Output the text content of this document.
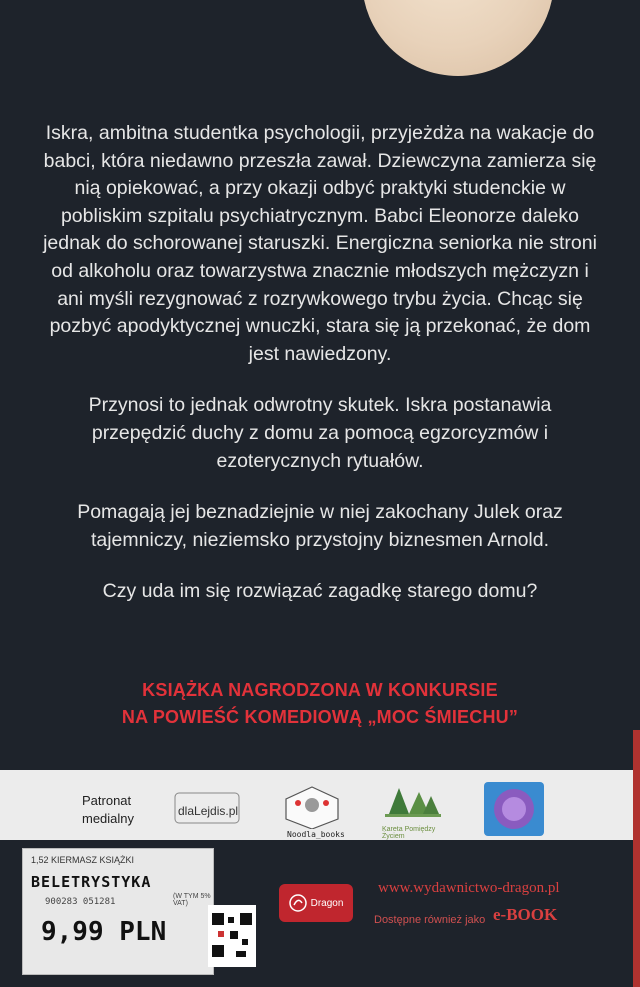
Iskra, ambitna studentka psychologii, przyjeżdża na wakacje do babci, która niedawno przeszła zawał. Dziewczyna zamierza się nią opiekować, a przy okazji odbyć praktyki studenckie w pobliskim szpitalu psychiatrycznym. Babci Eleonorze daleko jednak do schorowanej staruszki. Energiczna seniorka nie stroni od alkoholu oraz towarzystwa znacznie młodszych mężczyzn i ani myśli rezygnować z rozrywkowego trybu życia. Chcąc się pozbyć apodyktycznej wnuczki, stara się ją przekonać, że dom jest nawiedzony.

Przynosi to jednak odwrotny skutek. Iskra postanawia przepędzić duchy z domu za pomocą egzorcyzmów i ezoterycznych rytuałów.

Pomagają jej beznadziejnie w niej zakochany Julek oraz tajemniczy, nieziemsko przystojny biznesmen Arnold.

Czy uda im się rozwiązać zagadkę starego domu?

KSIĄŻKA NAGRODZONA W KONKURSIE
NA POWIEŚĆ KOMEDIOWĄ „MOC ŚMIECHU”
Patronat medialny	dlaLejdis.pl
Noodla_books
Kareta Pomiędzy Życiem
1,52 KIERMASZ KSIĄŻKI
BELETRYSTYKA
900283 051281
(W TYM 5% VAT)
9,99 PLN
Dragon
www.wydawnictwo-dragon.pl
Dostępne również jako e-BOOK
